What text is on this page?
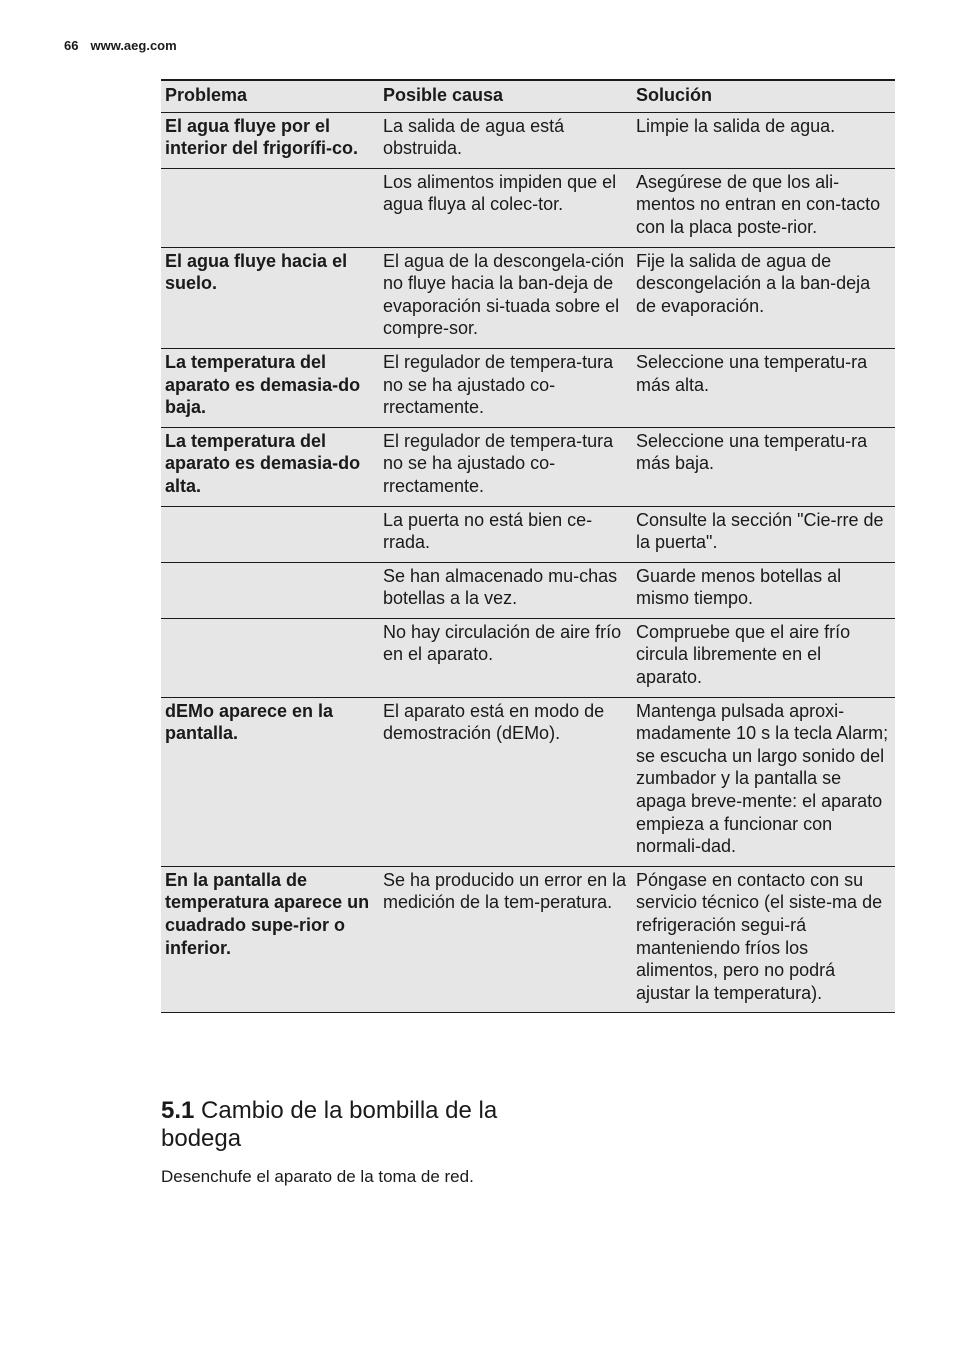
66 www.aeg.com
Problema	Posible causa	Solución
El agua fluye por el interior del frigorífi-co.	La salida de agua está obstruida.	Limpie la salida de agua.
	Los alimentos impiden que el agua fluya al colec-tor.	Asegúrese de que los ali-mentos no entran en con-tacto con la placa poste-rior.
El agua fluye hacia el suelo.	El agua de la descongela-ción no fluye hacia la ban-deja de evaporación si-tuada sobre el compre-sor.	Fije la salida de agua de descongelación a la ban-deja de evaporación.
La temperatura del aparato es demasia-do baja.	El regulador de tempera-tura no se ha ajustado co-rrectamente.	Seleccione una temperatu-ra más alta.
La temperatura del aparato es demasia-do alta.	El regulador de tempera-tura no se ha ajustado co-rrectamente.	Seleccione una temperatu-ra más baja.
	La puerta no está bien ce-rrada.	Consulte la sección "Cie-rre de la puerta".
	Se han almacenado mu-chas botellas a la vez.	Guarde menos botellas al mismo tiempo.
	No hay circulación de aire frío en el aparato.	Compruebe que el aire frío circula libremente en el aparato.
dEMo aparece en la pantalla.	El aparato está en modo de demostración (dEMo).	Mantenga pulsada aproxi-madamente 10 s la tecla Alarm; se escucha un largo sonido del zumbador y la pantalla se apaga breve-mente: el aparato empieza a funcionar con normali-dad.
En la pantalla de temperatura aparece un cuadrado supe-rior o inferior.	Se ha producido un error en la medición de la tem-peratura.	Póngase en contacto con su servicio técnico (el siste-ma de refrigeración segui-rá manteniendo fríos los alimentos, pero no podrá ajustar la temperatura).
5.1 Cambio de la bombilla de la bodega
Desenchufe el aparato de la toma de red.
